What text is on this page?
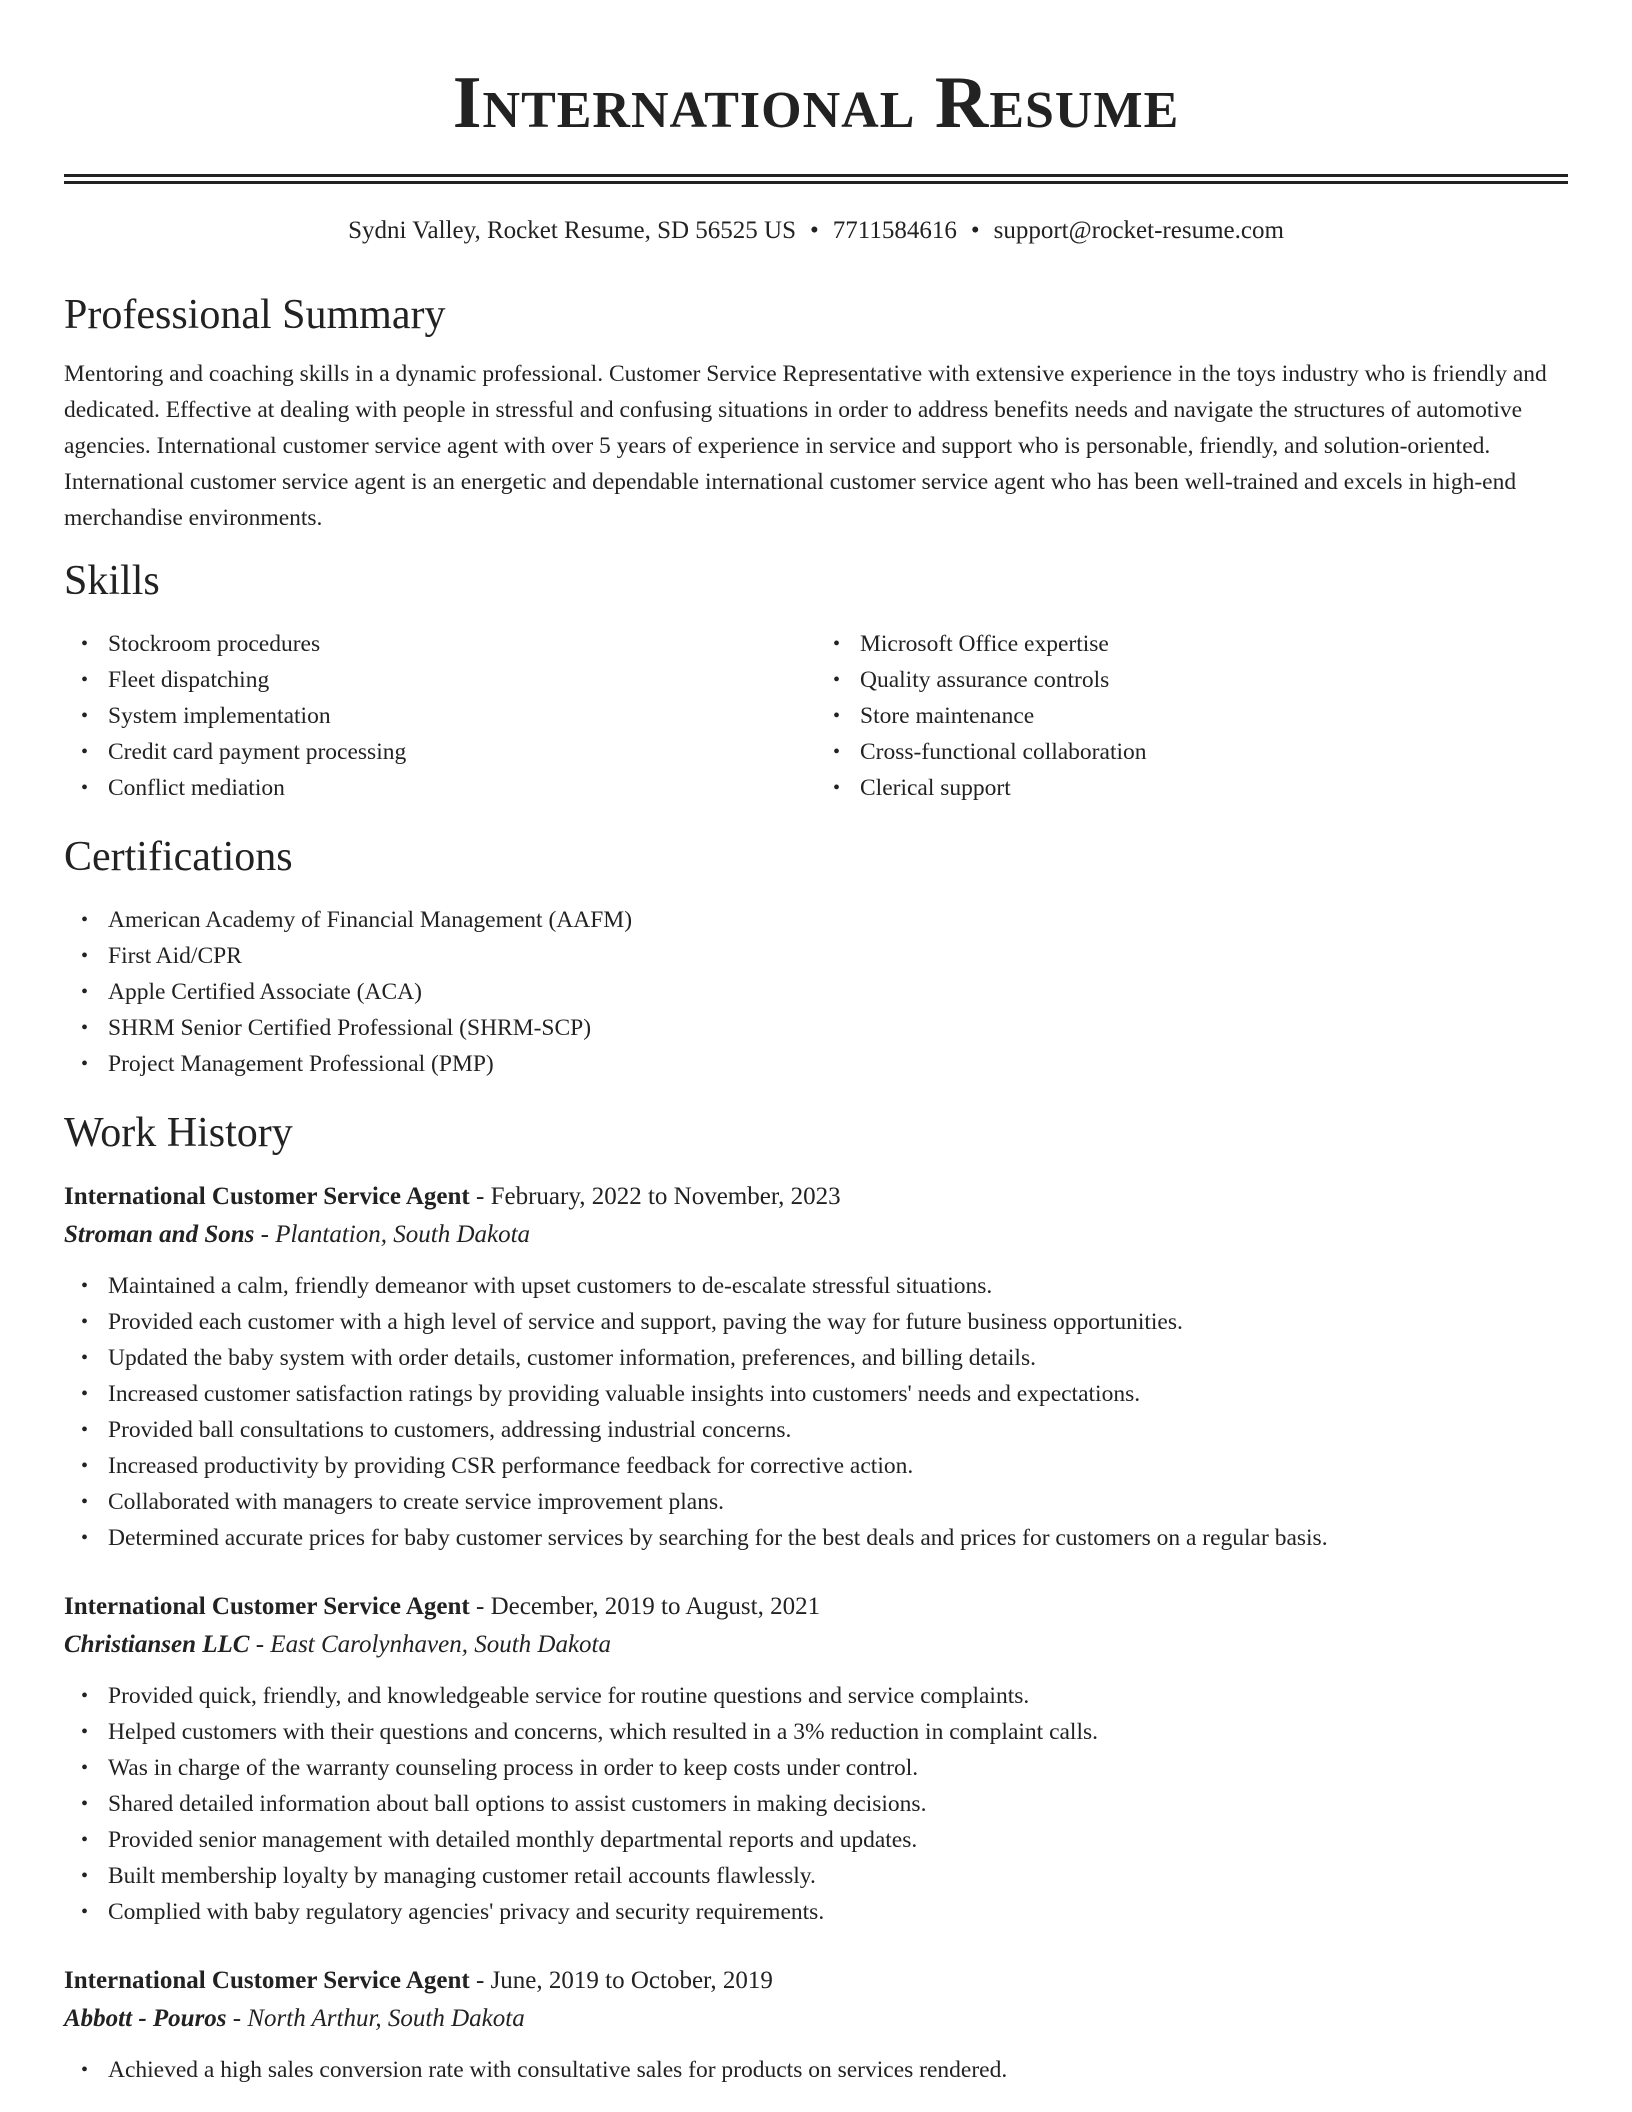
International Resume
Sydni Valley, Rocket Resume, SD 56525 US • 7711584616 • support@rocket-resume.com
Professional Summary
Mentoring and coaching skills in a dynamic professional. Customer Service Representative with extensive experience in the toys industry who is friendly and dedicated. Effective at dealing with people in stressful and confusing situations in order to address benefits needs and navigate the structures of automotive agencies. International customer service agent with over 5 years of experience in service and support who is personable, friendly, and solution-oriented. International customer service agent is an energetic and dependable international customer service agent who has been well-trained and excels in high-end merchandise environments.
Skills
• Stockroom procedures
• Fleet dispatching
• System implementation
• Credit card payment processing
• Conflict mediation
• Microsoft Office expertise
• Quality assurance controls
• Store maintenance
• Cross-functional collaboration
• Clerical support
Certifications
• American Academy of Financial Management (AAFM)
• First Aid/CPR
• Apple Certified Associate (ACA)
• SHRM Senior Certified Professional (SHRM-SCP)
• Project Management Professional (PMP)
Work History
International Customer Service Agent - February, 2022 to November, 2023
Stroman and Sons - Plantation, South Dakota
• Maintained a calm, friendly demeanor with upset customers to de-escalate stressful situations.
• Provided each customer with a high level of service and support, paving the way for future business opportunities.
• Updated the baby system with order details, customer information, preferences, and billing details.
• Increased customer satisfaction ratings by providing valuable insights into customers' needs and expectations.
• Provided ball consultations to customers, addressing industrial concerns.
• Increased productivity by providing CSR performance feedback for corrective action.
• Collaborated with managers to create service improvement plans.
• Determined accurate prices for baby customer services by searching for the best deals and prices for customers on a regular basis.
International Customer Service Agent - December, 2019 to August, 2021
Christiansen LLC - East Carolynhaven, South Dakota
• Provided quick, friendly, and knowledgeable service for routine questions and service complaints.
• Helped customers with their questions and concerns, which resulted in a 3% reduction in complaint calls.
• Was in charge of the warranty counseling process in order to keep costs under control.
• Shared detailed information about ball options to assist customers in making decisions.
• Provided senior management with detailed monthly departmental reports and updates.
• Built membership loyalty by managing customer retail accounts flawlessly.
• Complied with baby regulatory agencies' privacy and security requirements.
International Customer Service Agent - June, 2019 to October, 2019
Abbott - Pouros - North Arthur, South Dakota
• Achieved a high sales conversion rate with consultative sales for products on services rendered.
